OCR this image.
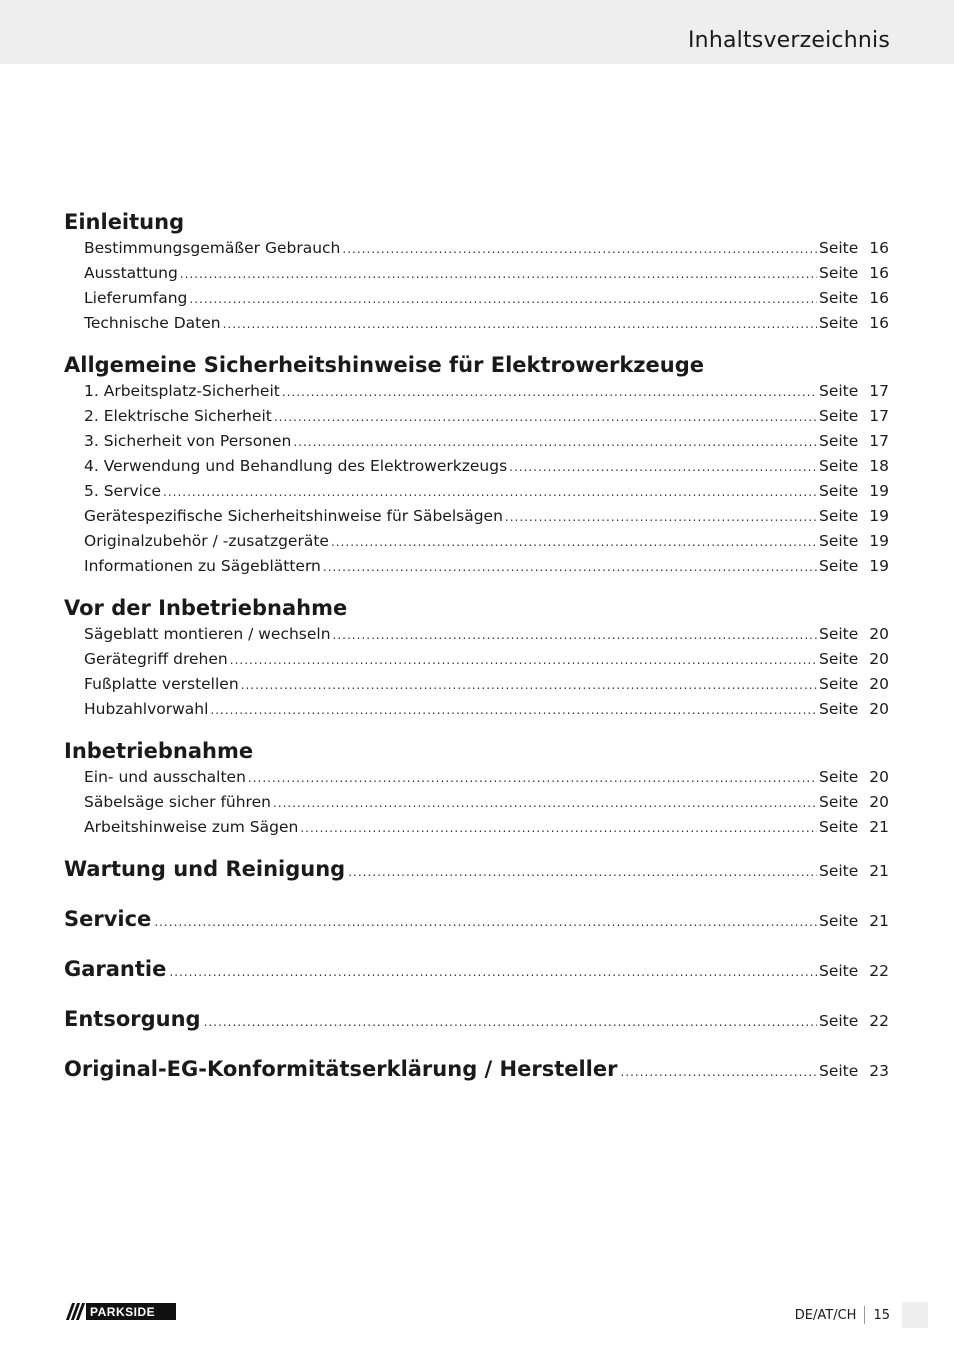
Inhaltsverzeichnis
Einleitung
Bestimmungsgemäßer Gebrauch .....	Seite 16
Ausstattung .....	Seite 16
Lieferumfang .....	Seite 16
Technische Daten .....	Seite 16
Allgemeine Sicherheitshinweise für Elektrowerkzeuge
1. Arbeitsplatz-Sicherheit .....	Seite 17
2. Elektrische Sicherheit .....	Seite 17
3. Sicherheit von Personen .....	Seite 17
4. Verwendung und Behandlung des Elektrowerkzeugs .....	Seite 18
5. Service .....	Seite 19
Gerätespezifische Sicherheitshinweise für Säbelsägen .....	Seite 19
Originalzubehör / -zusatzgeräte .....	Seite 19
Informationen zu Sägeblättern .....	Seite 19
Vor der Inbetriebnahme
Sägeblatt montieren / wechseln .....	Seite 20
Gerätegriff drehen .....	Seite 20
Fußplatte verstellen .....	Seite 20
Hubzahlvorwahl .....	Seite 20
Inbetriebnahme
Ein- und ausschalten .....	Seite 20
Säbelsäge sicher führen .....	Seite 20
Arbeitshinweise zum Sägen .....	Seite 21
Wartung und Reinigung .....	Seite 21
Service .....	Seite 21
Garantie .....	Seite 22
Entsorgung .....	Seite 22
Original-EG-Konformitätserklärung / Hersteller .....	Seite 23
PARKSIDE	DE/AT/CH 15
